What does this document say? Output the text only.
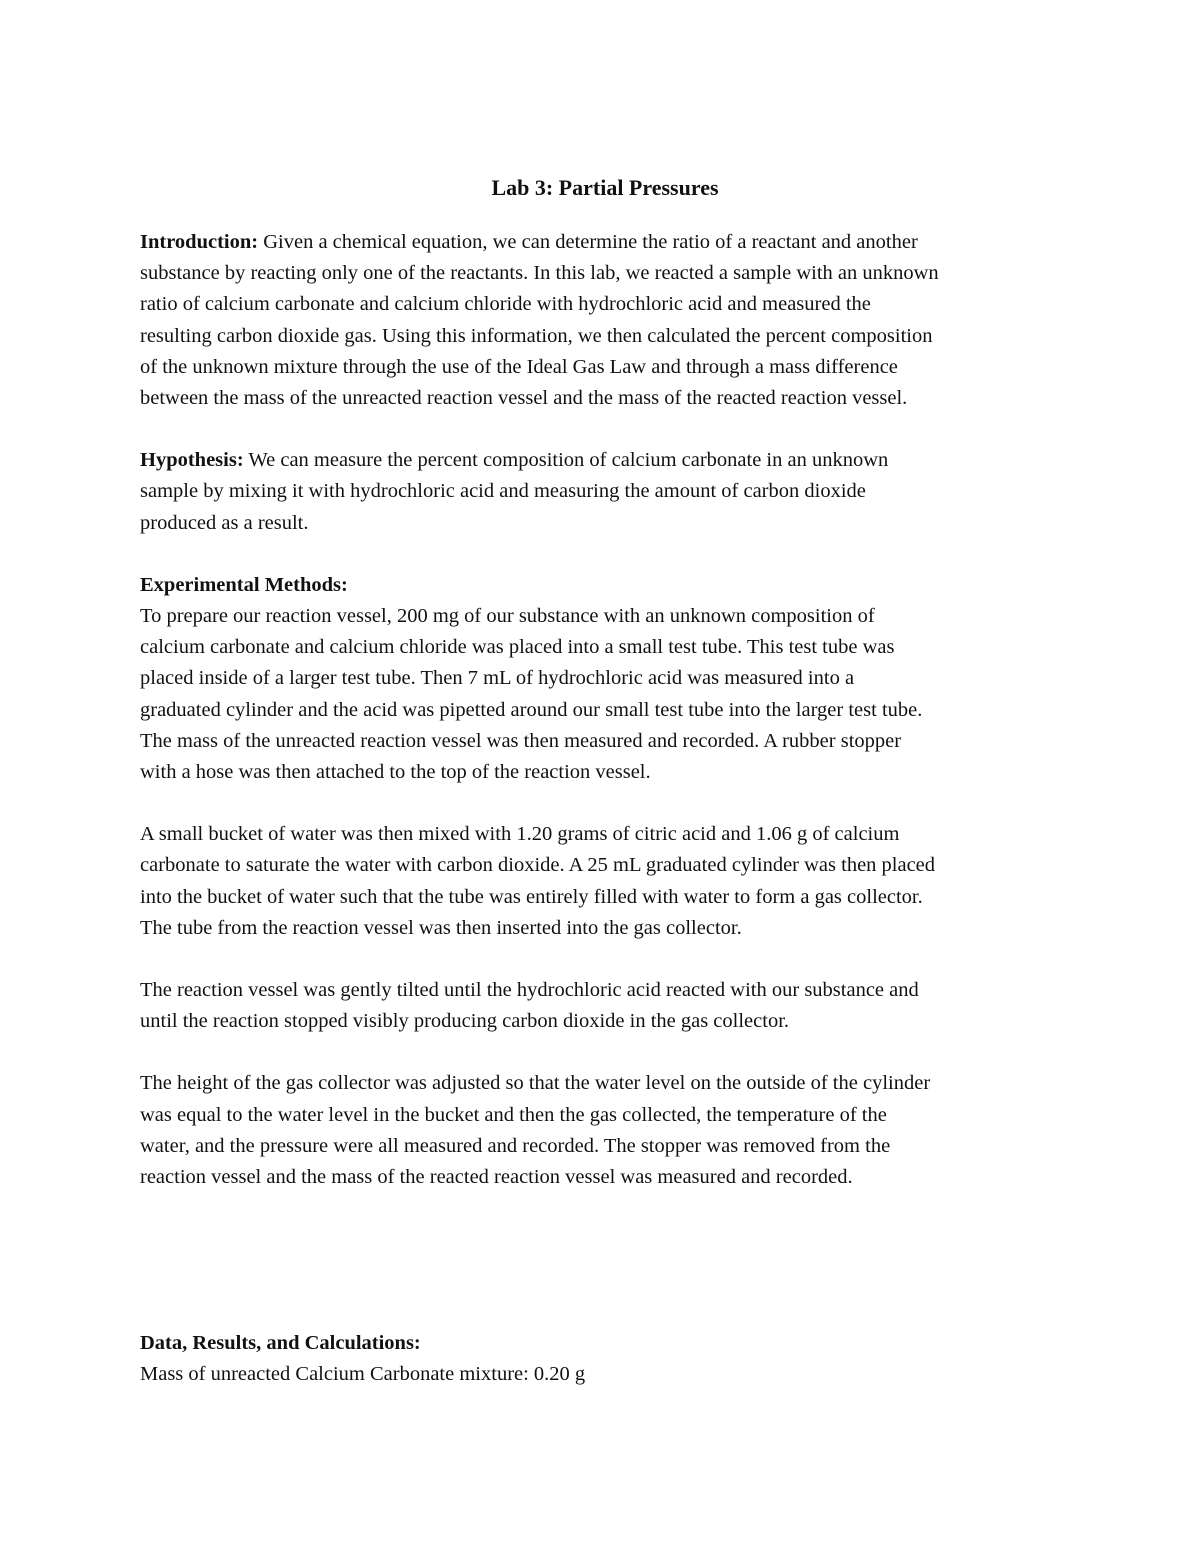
Lab 3: Partial Pressures
Introduction: Given a chemical equation, we can determine the ratio of a reactant and another
substance by reacting only one of the reactants. In this lab, we reacted a sample with an unknown
ratio of calcium carbonate and calcium chloride with hydrochloric acid and measured the
resulting carbon dioxide gas. Using this information, we then calculated the percent composition
of the unknown mixture through the use of the Ideal Gas Law and through a mass difference
between the mass of the unreacted reaction vessel and the mass of the reacted reaction vessel.
Hypothesis: We can measure the percent composition of calcium carbonate in an unknown
sample by mixing it with hydrochloric acid and measuring the amount of carbon dioxide
produced as a result.
Experimental Methods:
To prepare our reaction vessel, 200 mg of our substance with an unknown composition of
calcium carbonate and calcium chloride was placed into a small test tube. This test tube was
placed inside of a larger test tube. Then 7 mL of hydrochloric acid was measured into a
graduated cylinder and the acid was pipetted around our small test tube into the larger test tube.
The mass of the unreacted reaction vessel was then measured and recorded. A rubber stopper
with a hose was then attached to the top of the reaction vessel.
A small bucket of water was then mixed with 1.20 grams of citric acid and 1.06 g of calcium
carbonate to saturate the water with carbon dioxide. A 25 mL graduated cylinder was then placed
into the bucket of water such that the tube was entirely filled with water to form a gas collector.
The tube from the reaction vessel was then inserted into the gas collector.
The reaction vessel was gently tilted until the hydrochloric acid reacted with our substance and
until the reaction stopped visibly producing carbon dioxide in the gas collector.
The height of the gas collector was adjusted so that the water level on the outside of the cylinder
was equal to the water level in the bucket and then the gas collected, the temperature of the
water, and the pressure were all measured and recorded. The stopper was removed from the
reaction vessel and the mass of the reacted reaction vessel was measured and recorded.
Data, Results, and Calculations:
Mass of unreacted Calcium Carbonate mixture: 0.20 g
